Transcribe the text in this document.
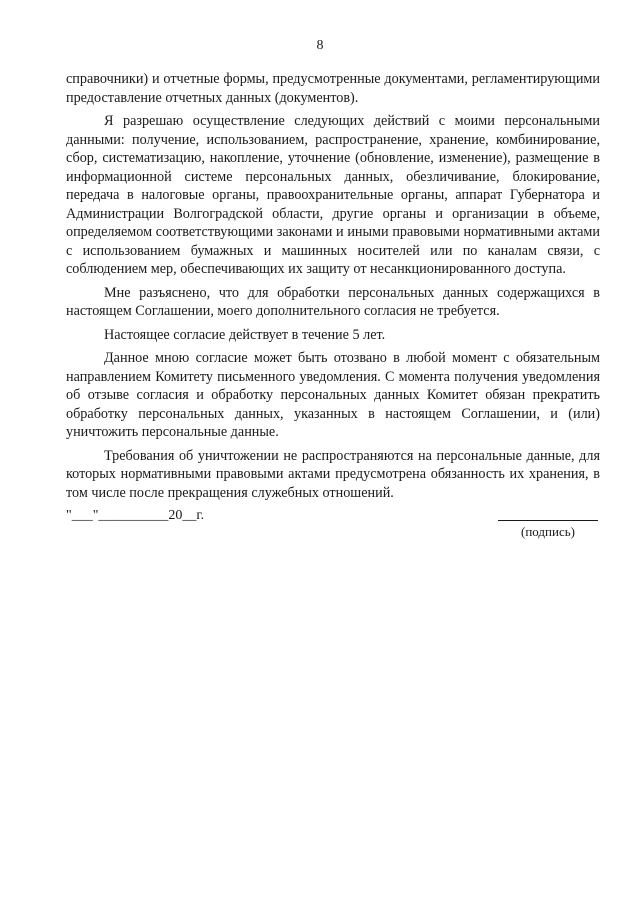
8

справочники) и отчетные формы, предусмотренные документами, регламентирующими предоставление отчетных данных (документов).

Я разрешаю осуществление следующих действий с моими персональными данными: получение, использованием, распространение, хранение, комбинирование, сбор, систематизацию, накопление, уточнение (обновление, изменение), размещение в информационной системе персональных данных, обезличивание, блокирование, передача в налоговые органы, правоохранительные органы, аппарат Губернатора и Администрации Волгоградской области, другие органы и организации в объеме, определяемом соответствующими законами и иными правовыми нормативными актами с использованием бумажных и машинных носителей или по каналам связи, с соблюдением мер, обеспечивающих их защиту от несанкционированного доступа.

Мне разъяснено, что для обработки персональных данных содержащихся в настоящем Соглашении, моего дополнительного согласия не требуется.

Настоящее согласие действует в течение 5 лет.

Данное мною согласие может быть отозвано в любой момент с обязательным направлением Комитету письменного уведомления. С момента получения уведомления об отзыве согласия и обработку персональных данных Комитет обязан прекратить обработку персональных данных, указанных в настоящем Соглашении, и (или) уничтожить персональные данные.

Требования об уничтожении не распространяются на персональные данные, для которых нормативными правовыми актами предусмотрена обязанность их хранения, в том числе после прекращения служебных отношений.

"___"__________20__г.
(подпись)
